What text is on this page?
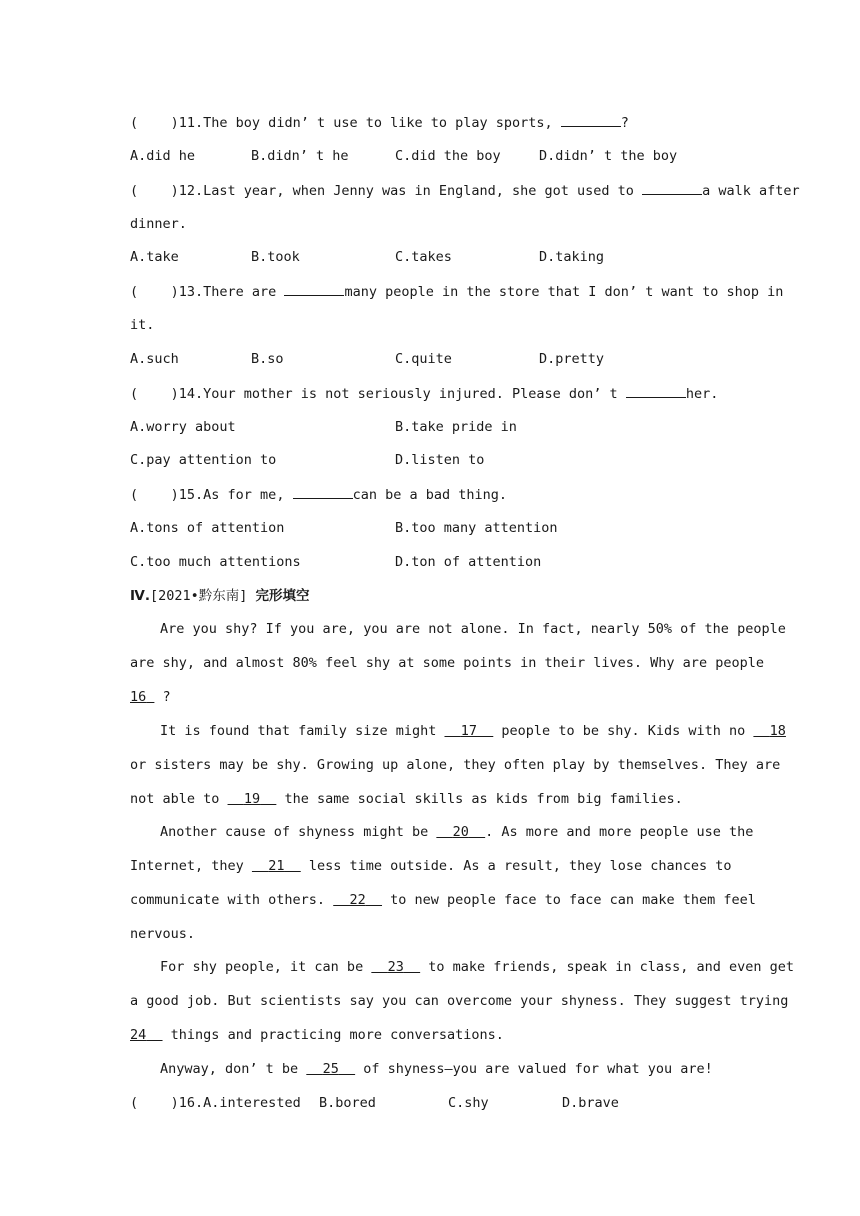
(    )11.The boy didn’ t use to like to play sports,	?
A.did he	B.didn’ t he	C.did the boy	D.didn’ t the boy
(    )12.Last year, when Jenny was in England, she got used to	a walk after
dinner.
A.take	B.took	C.takes	D.taking
(    )13.There are	many people in the store that I don’ t want to shop in
it.
A.such	B.so	C.quite	D.pretty
(    )14.Your mother is not seriously injured. Please don’ t	her.
A.worry about	B.take pride in
C.pay attention to	D.listen to
(    )15.As for me,	can be a bad thing.
A.tons of attention	B.too many attention
C.too much attentions	D.ton of attention
Ⅳ.[2021•黔东南] 完形填空
Are you shy? If you are, you are not alone. In fact, nearly 50% of the people
are shy, and almost 80% feel shy at some points in their lives. Why are people
16 ?
It is found that family size might 17 people to be shy. Kids with no 18
or sisters may be shy. Growing up alone, they often play by themselves. They are
not able to 19 the same social skills as kids from big families.
Another cause of shyness might be 20 . As more and more people use the
Internet, they 21 less time outside. As a result, they lose chances to
communicate with others. 22 to new people face to face can make them feel
nervous.
For shy people, it can be 23 to make friends, speak in class, and even get
a good job. But scientists say you can overcome your shyness. They suggest trying
24 things and practicing more conversations.
Anyway, don’ t be 25 of shyness—you are valued for what you are!
(    )16.A.interested B.bored	C.shy	D.brave
